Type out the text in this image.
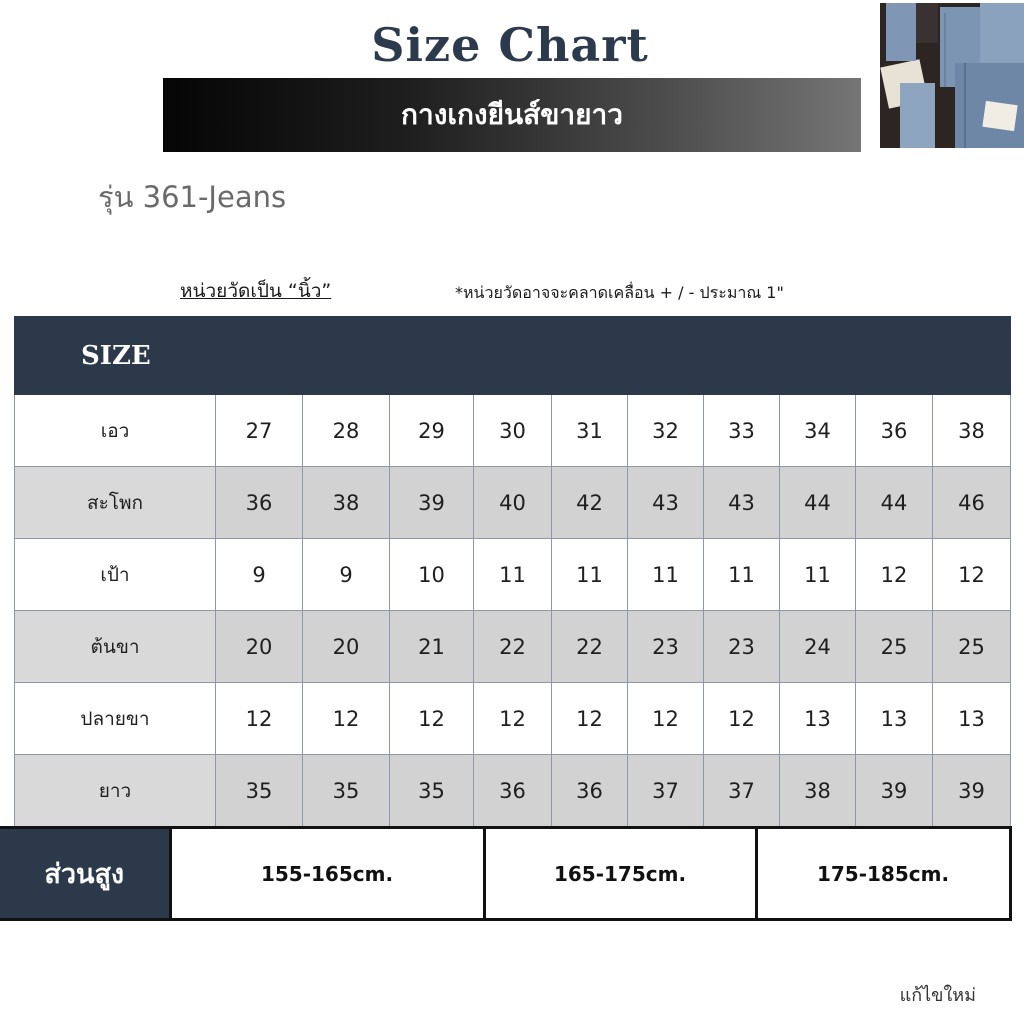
Size Chart
กางเกงยีนส์ขายาว
รุ่น 361-Jeans
หน่วยวัดเป็น “นิ้ว”	*หน่วยวัดอาจจะคลาดเคลื่อน + / - ประมาณ 1"
SIZE										
เอว	27	28	29	30	31	32	33	34	36	38
สะโพก	36	38	39	40	42	43	43	44	44	46
เป้า	9	9	10	11	11	11	11	11	12	12
ต้นขา	20	20	21	22	22	23	23	24	25	25
ปลายขา	12	12	12	12	12	12	12	13	13	13
ยาว	35	35	35	36	36	37	37	38	39	39
ส่วนสูง	155-165cm.	165-175cm.	175-185cm.
แก้ไขใหม่
